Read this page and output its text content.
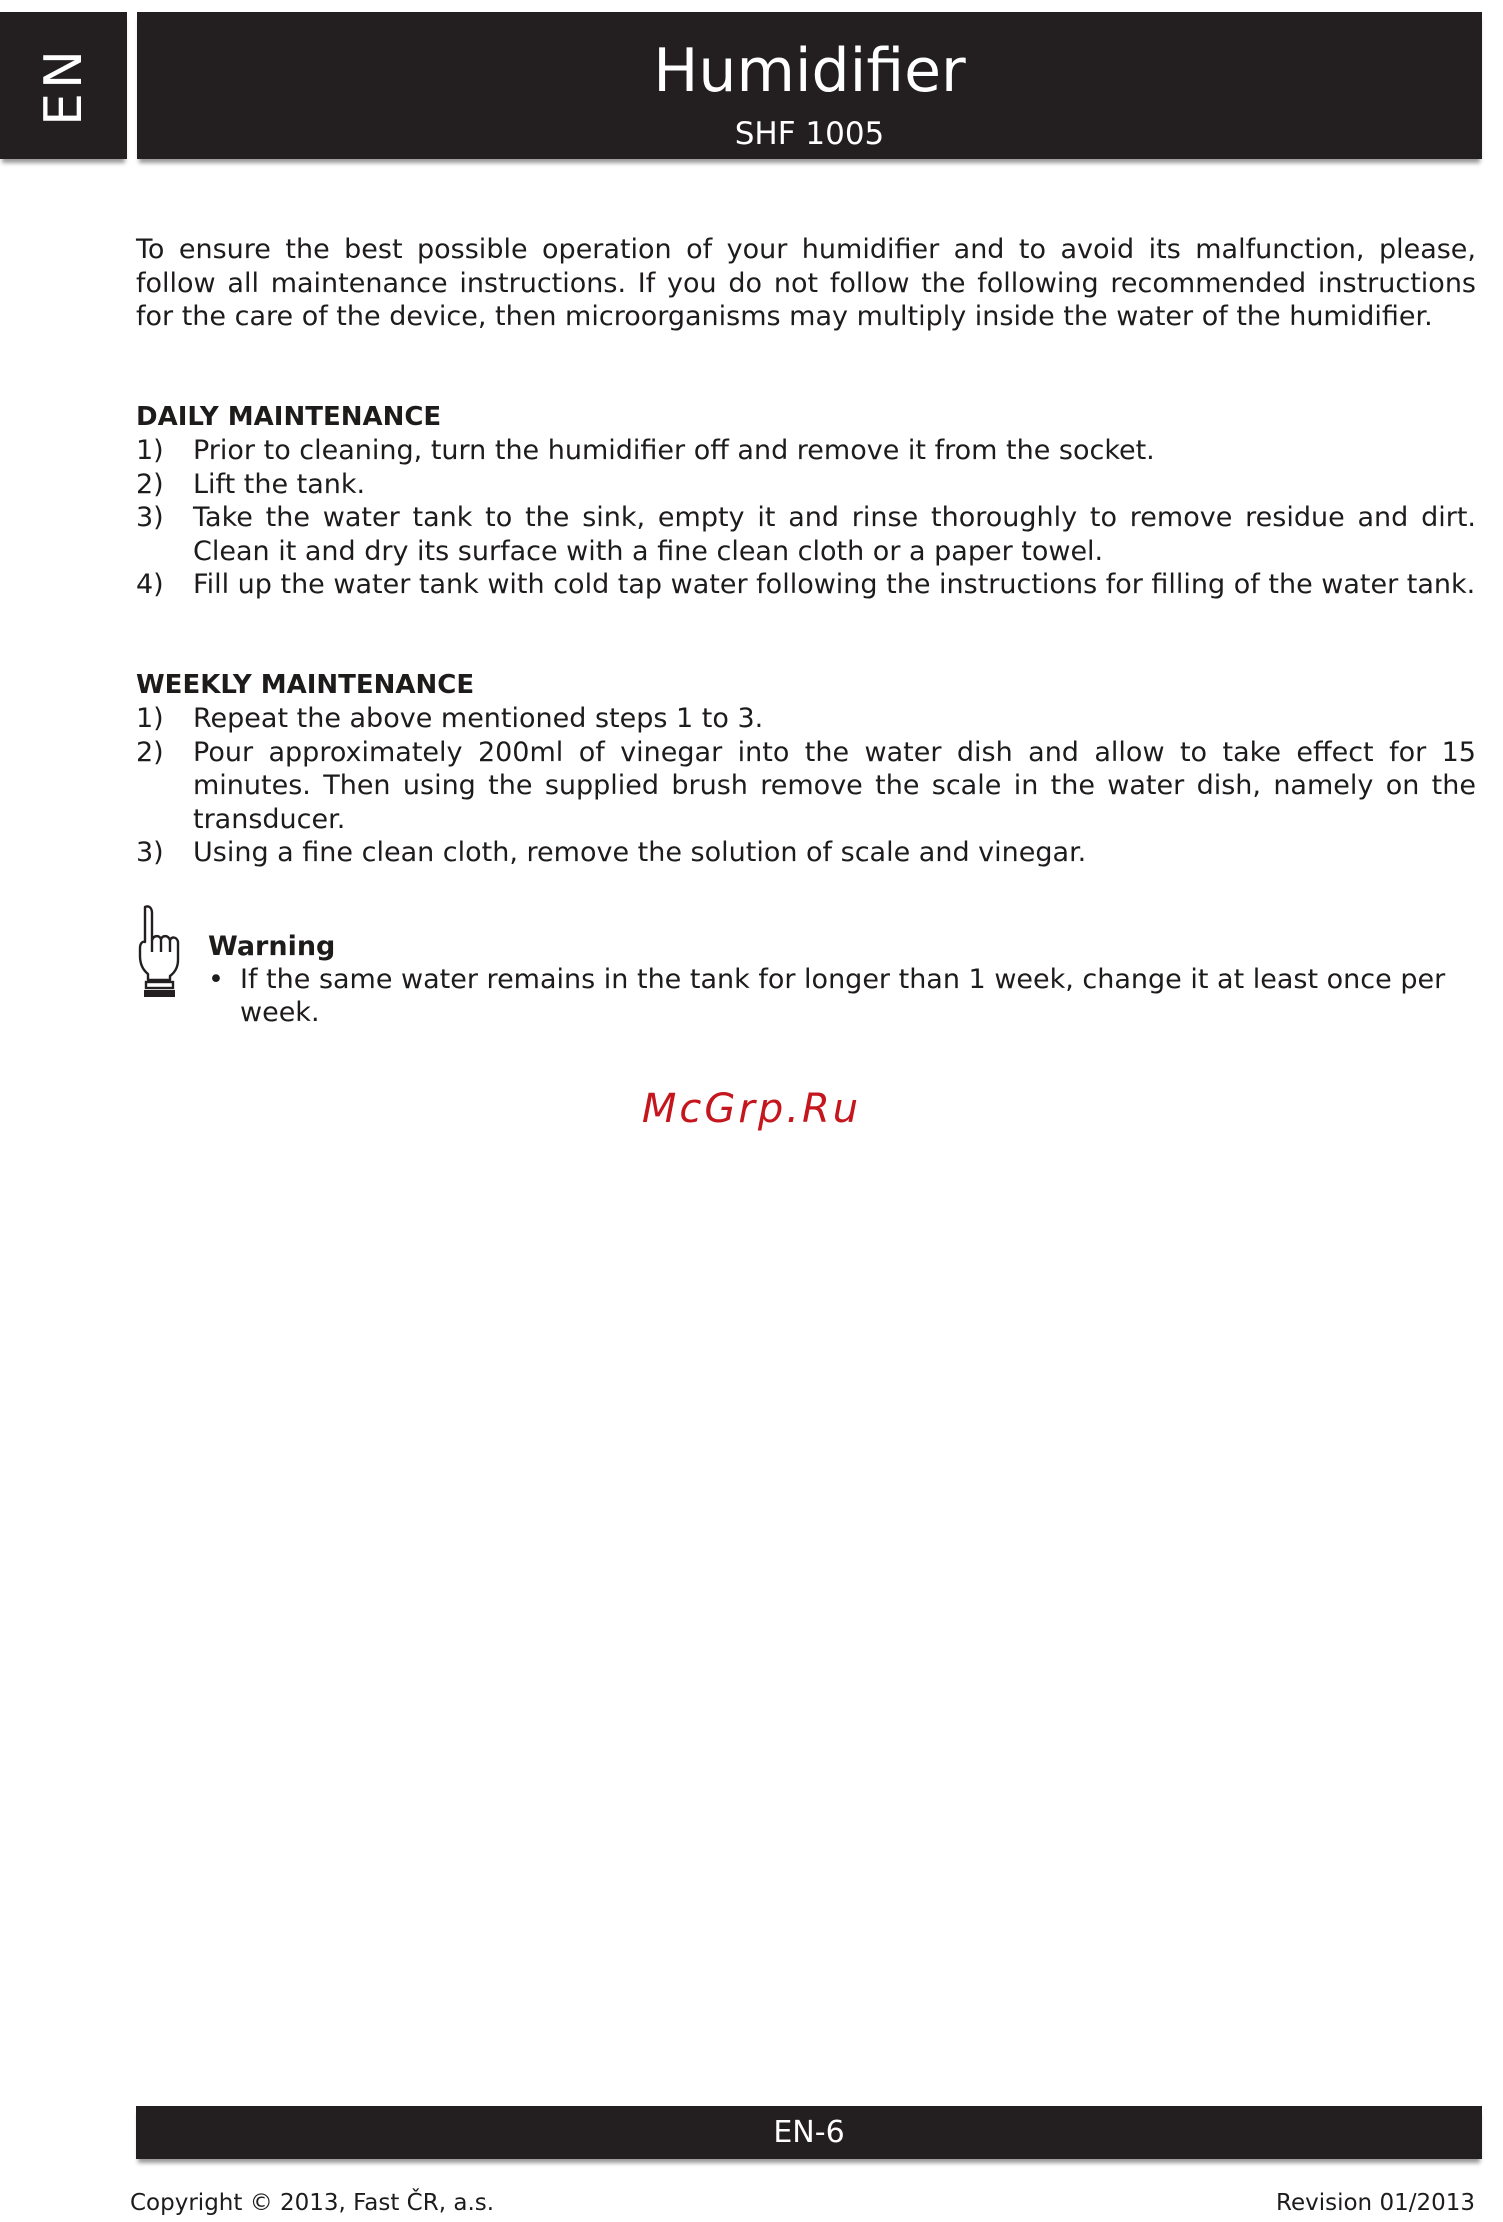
EN	Humidifier
SHF 1005

To ensure the best possible operation of your humidifier and to avoid its malfunction, please, follow all maintenance instructions. If you do not follow the following recommended instructions for the care of the device, then microorganisms may multiply inside the water of the humidifier.

DAILY MAINTENANCE
1)	Prior to cleaning, turn the humidifier off and remove it from the socket.
2)	Lift the tank.
3)	Take the water tank to the sink, empty it and rinse thoroughly to remove residue and dirt. Clean it and dry its surface with a fine clean cloth or a paper towel.
4)	Fill up the water tank with cold tap water following the instructions for filling of the water tank.
WEEKLY MAINTENANCE
1)	Repeat the above mentioned steps 1 to 3.
2)	Pour approximately 200ml of vinegar into the water dish and allow to take effect for 15 minutes. Then using the supplied brush remove the scale in the water dish, namely on the transducer.
3)	Using a fine clean cloth, remove the solution of scale and vinegar.
Warning
• If the same water remains in the tank for longer than 1 week, change it at least once per week.
McGrp.Ru
EN-6
Copyright © 2013, Fast ČR, a.s.	Revision 01/2013
